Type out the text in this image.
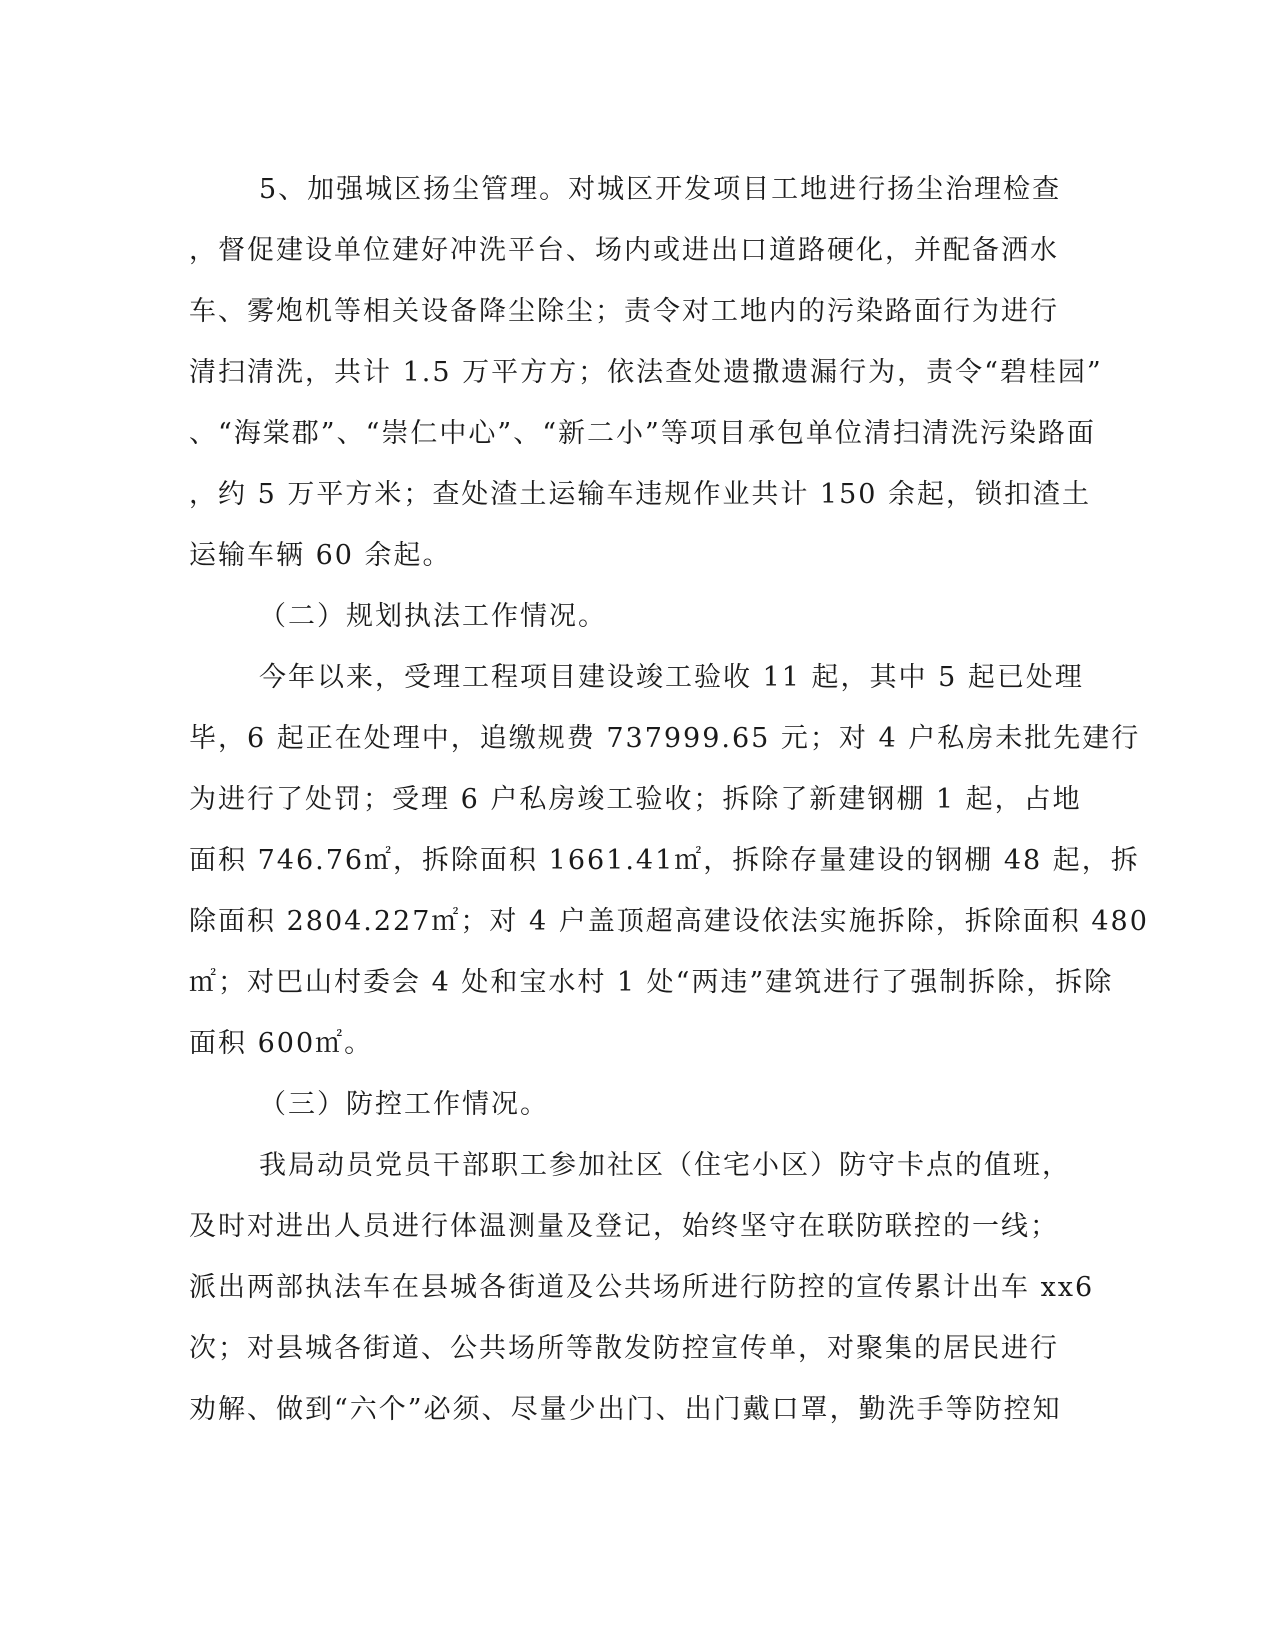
5、加强城区扬尘管理。对城区开发项目工地进行扬尘治理检查
，督促建设单位建好冲洗平台、场内或进出口道路硬化，并配备洒水
车、雾炮机等相关设备降尘除尘；责令对工地内的污染路面行为进行
清扫清洗，共计 1.5 万平方方；依法查处遗撒遗漏行为，责令“碧桂园”
、“海棠郡”、“崇仁中心”、“新二小”等项目承包单位清扫清洗污染路面
，约 5 万平方米；查处渣土运输车违规作业共计 150 余起，锁扣渣土
运输车辆 60 余起。
（二）规划执法工作情况。
今年以来，受理工程项目建设竣工验收 11 起，其中 5 起已处理
毕，6 起正在处理中，追缴规费 737999.65 元；对 4 户私房未批先建行
为进行了处罚；受理 6 户私房竣工验收；拆除了新建钢棚 1 起，占地
面积 746.76㎡，拆除面积 1661.41㎡，拆除存量建设的钢棚 48 起，拆
除面积 2804.227㎡；对 4 户盖顶超高建设依法实施拆除，拆除面积 480
㎡；对巴山村委会 4 处和宝水村 1 处“两违”建筑进行了强制拆除，拆除
面积 600㎡。
（三）防控工作情况。
我局动员党员干部职工参加社区（住宅小区）防守卡点的值班，
及时对进出人员进行体温测量及登记，始终坚守在联防联控的一线；
派出两部执法车在县城各街道及公共场所进行防控的宣传累计出车 xx6
次；对县城各街道、公共场所等散发防控宣传单，对聚集的居民进行
劝解、做到“六个”必须、尽量少出门、出门戴口罩，勤洗手等防控知
